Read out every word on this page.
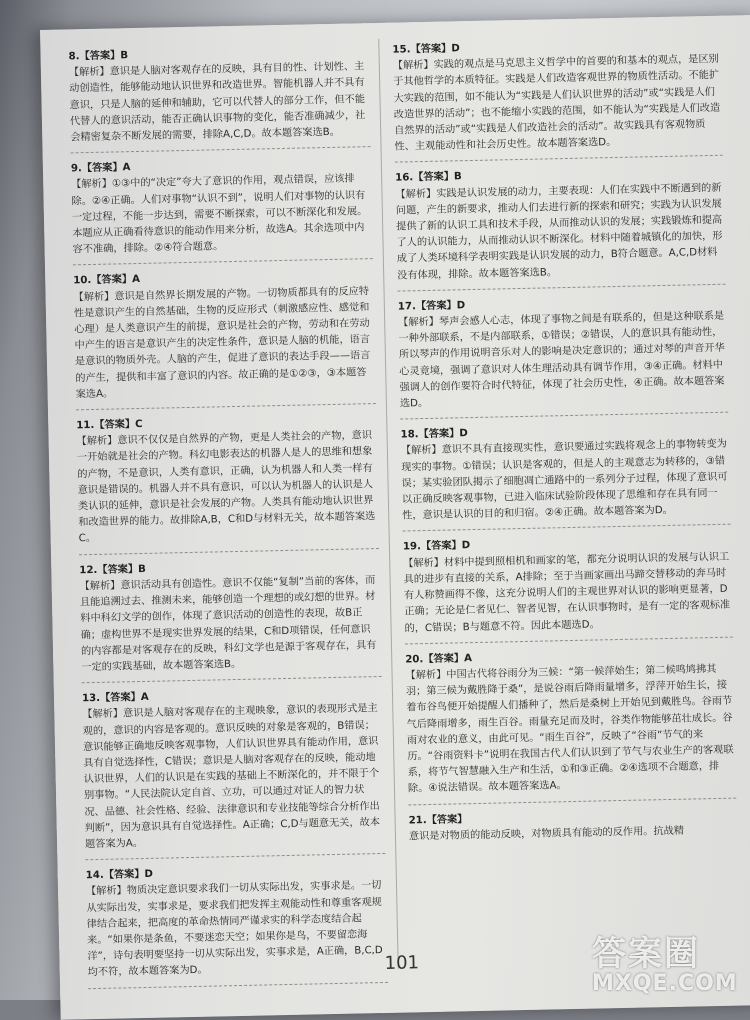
8.【答案】B
【解析】意识是人脑对客观存在的反映，具有目的性、计划性、主动创造性，能够能动地认识世界和改造世界。智能机器人并不具有意识，只是人脑的延伸和辅助，它可以代替人的部分工作，但不能代替人的意识活动，能否正确认识事物的变化，能否准确减少，社会精密复杂不断发展的需要，排除A,C,D。故本题答案选B。
9.【答案】A
【解析】①③中的“决定”夸大了意识的作用，观点错误，应该排除。②④正确。人们对事物“认识不到”，说明人们对事物的认识有一定过程，不能一步达到，需要不断探索，可以不断深化和发展。本题应从正确看待意识的能动作用来分析，故选A。其余选项中内容不准确，排除。②④符合题意。
10.【答案】A
【解析】意识是自然界长期发展的产物。一切物质都具有的反应特性是意识产生的自然基础，生物的反应形式（刺激感应性、感觉和心理）是人类意识产生的前提，意识是社会的产物，劳动和在劳动中产生的语言是意识产生的决定性条件，意识是人脑的机能，语言是意识的物质外壳。人脑的产生，促进了意识的表达手段——语言的产生，提供和丰富了意识的内容。故正确的是①②③，③本题答案选A。
11.【答案】C
【解析】意识不仅仅是自然界的产物，更是人类社会的产物，意识一开始就是社会的产物。科幻电影表达的机器人是人的思维和想象的产物，不是意识，人类有意识，正确，认为机器人和人类一样有意识是错误的。机器人并不具有意识，可以认为机器人的认识是人类认识的延伸，意识是社会发展的产物。人类具有能动地认识世界和改造世界的能力。故排除A,B，C和D与材料无关，故本题答案选C。
12.【答案】B
【解析】意识活动具有创造性。意识不仅能“复制”当前的客体，而且能追溯过去、推测未来，能够创造一个理想的或幻想的世界。材料中科幻文学的创作，体现了意识活动的创造性的表现，故B正确；虚构世界不是现实世界发展的结果，C和D项错误，任何意识的内容都是对客观存在的反映，科幻文学也是源于客观存在，具有一定的实践基础，故本题答案选B。
13.【答案】A
【解析】意识是人脑对客观存在的主观映象，意识的表现形式是主观的，意识的内容是客观的。意识反映的对象是客观的，B错误；意识能够正确地反映客观事物，人们认识世界具有能动作用，意识具有自觉选择性，C错误；意识是人脑对客观存在的反映，能动地认识世界，人们的认识是在实践的基础上不断深化的，并不限于个别事物。“人民法院认定自首、立功，可以通过对证人的智力状况、品德、社会性格、经验、法律意识和专业技能等综合分析作出判断”，因为意识具有自觉选择性。A正确；C,D与题意无关，故本题答案为A。
14.【答案】D
【解析】物质决定意识要求我们一切从实际出发，实事求是。一切从实际出发，实事求是，要求我们把发挥主观能动性和尊重客观规律结合起来，把高度的革命热情同严谨求实的科学态度结合起来。“如果你是条鱼，不要迷恋天空；如果你是鸟，不要留恋海洋”，诗句表明要坚持一切从实际出发，实事求是，A正确，B,C,D均不符，故本题答案为D。
15.【答案】D
【解析】实践的观点是马克思主义哲学中的首要的和基本的观点，是区别于其他哲学的本质特征。实践是人们改造客观世界的物质性活动。不能扩大实践的范围，如不能认为“实践是人们认识世界的活动”或“实践是人们改造世界的活动”；也不能缩小实践的范围，如不能认为“实践是人们改造自然界的活动”或“实践是人们改造社会的活动”。故实践具有客观物质性、主观能动性和社会历史性。故本题答案选D。
16.【答案】B
【解析】实践是认识发展的动力，主要表现：人们在实践中不断遇到的新问题，产生的新要求，推动人们去进行新的探索和研究；实践为认识发展提供了新的认识工具和技术手段，从而推动认识的发展；实践锻炼和提高了人的认识能力，从而推动认识不断深化。材料中随着城镇化的加快，形成了人类环境科学表明实践是认识发展的动力，B符合题意。A,C,D材料没有体现，排除。故本题答案选B。
17.【答案】D
【解析】琴声会感人心志，体现了事物之间是有联系的，但是这种联系是一种外部联系，不是内部联系，①错误；②错误，人的意识具有能动性，所以琴声的作用说明音乐对人的影响是决定意识的；通过对琴的声音开华心灵竟境，强调了意识对人体生理活动具有调节作用，③④正确。材料中强调人的创作要符合时代特征，体现了社会历史性，④正确。故本题答案选D。
18.【答案】D
【解析】意识不具有直接现实性，意识要通过实践将观念上的事物转变为现实的事物。①错误；认识是客观的，但是人的主观意志为转移的，③错误；某实验团队揭示了细胞凋亡通路中的一系列分子过程，体现了意识可以正确反映客观事物，已进入临床试验阶段体现了思维和存在具有同一性，意识是认识的目的和归宿。②④正确。故本题答案为D。
19.【答案】D
【解析】材料中提到照相机和画家的笔，都充分说明认识的发展与认识工具的进步有直接的关系，A排除；至于当画家画出马蹄交替移动的奔马时有人称赞画得不像，这充分说明人们的主观世界对认识的影响更显著，D正确；无论是仁者见仁、智者见智，在认识事物时，是有一定的客观标准的，C错误；B与题意不符。因此本题选D。
20.【答案】A
【解析】中国古代将谷雨分为三候：“第一候萍始生；第二候鸣鸠拂其羽；第三候为戴胜降于桑”，是说谷雨后降雨量增多，浮萍开始生长，接着布谷鸟便开始提醒人们播种了，然后是桑树上开始见到戴胜鸟。谷雨节气后降雨增多，雨生百谷。雨量充足而及时，谷类作物能够茁壮成长。谷雨对农业的意义，由此可见。“雨生百谷”，反映了“谷雨”节气的来历。“谷雨资料卡”说明在我国古代人们认识到了节气与农业生产的客观联系，将节气智慧融入生产和生活，①和③正确。②④选项不合题意，排除。④说法错误。故本题答案选A。
21.【答案】
意识是对物质的能动反映，对物质具有能动的反作用。抗战精
101	答案圈
MXQE.COM
